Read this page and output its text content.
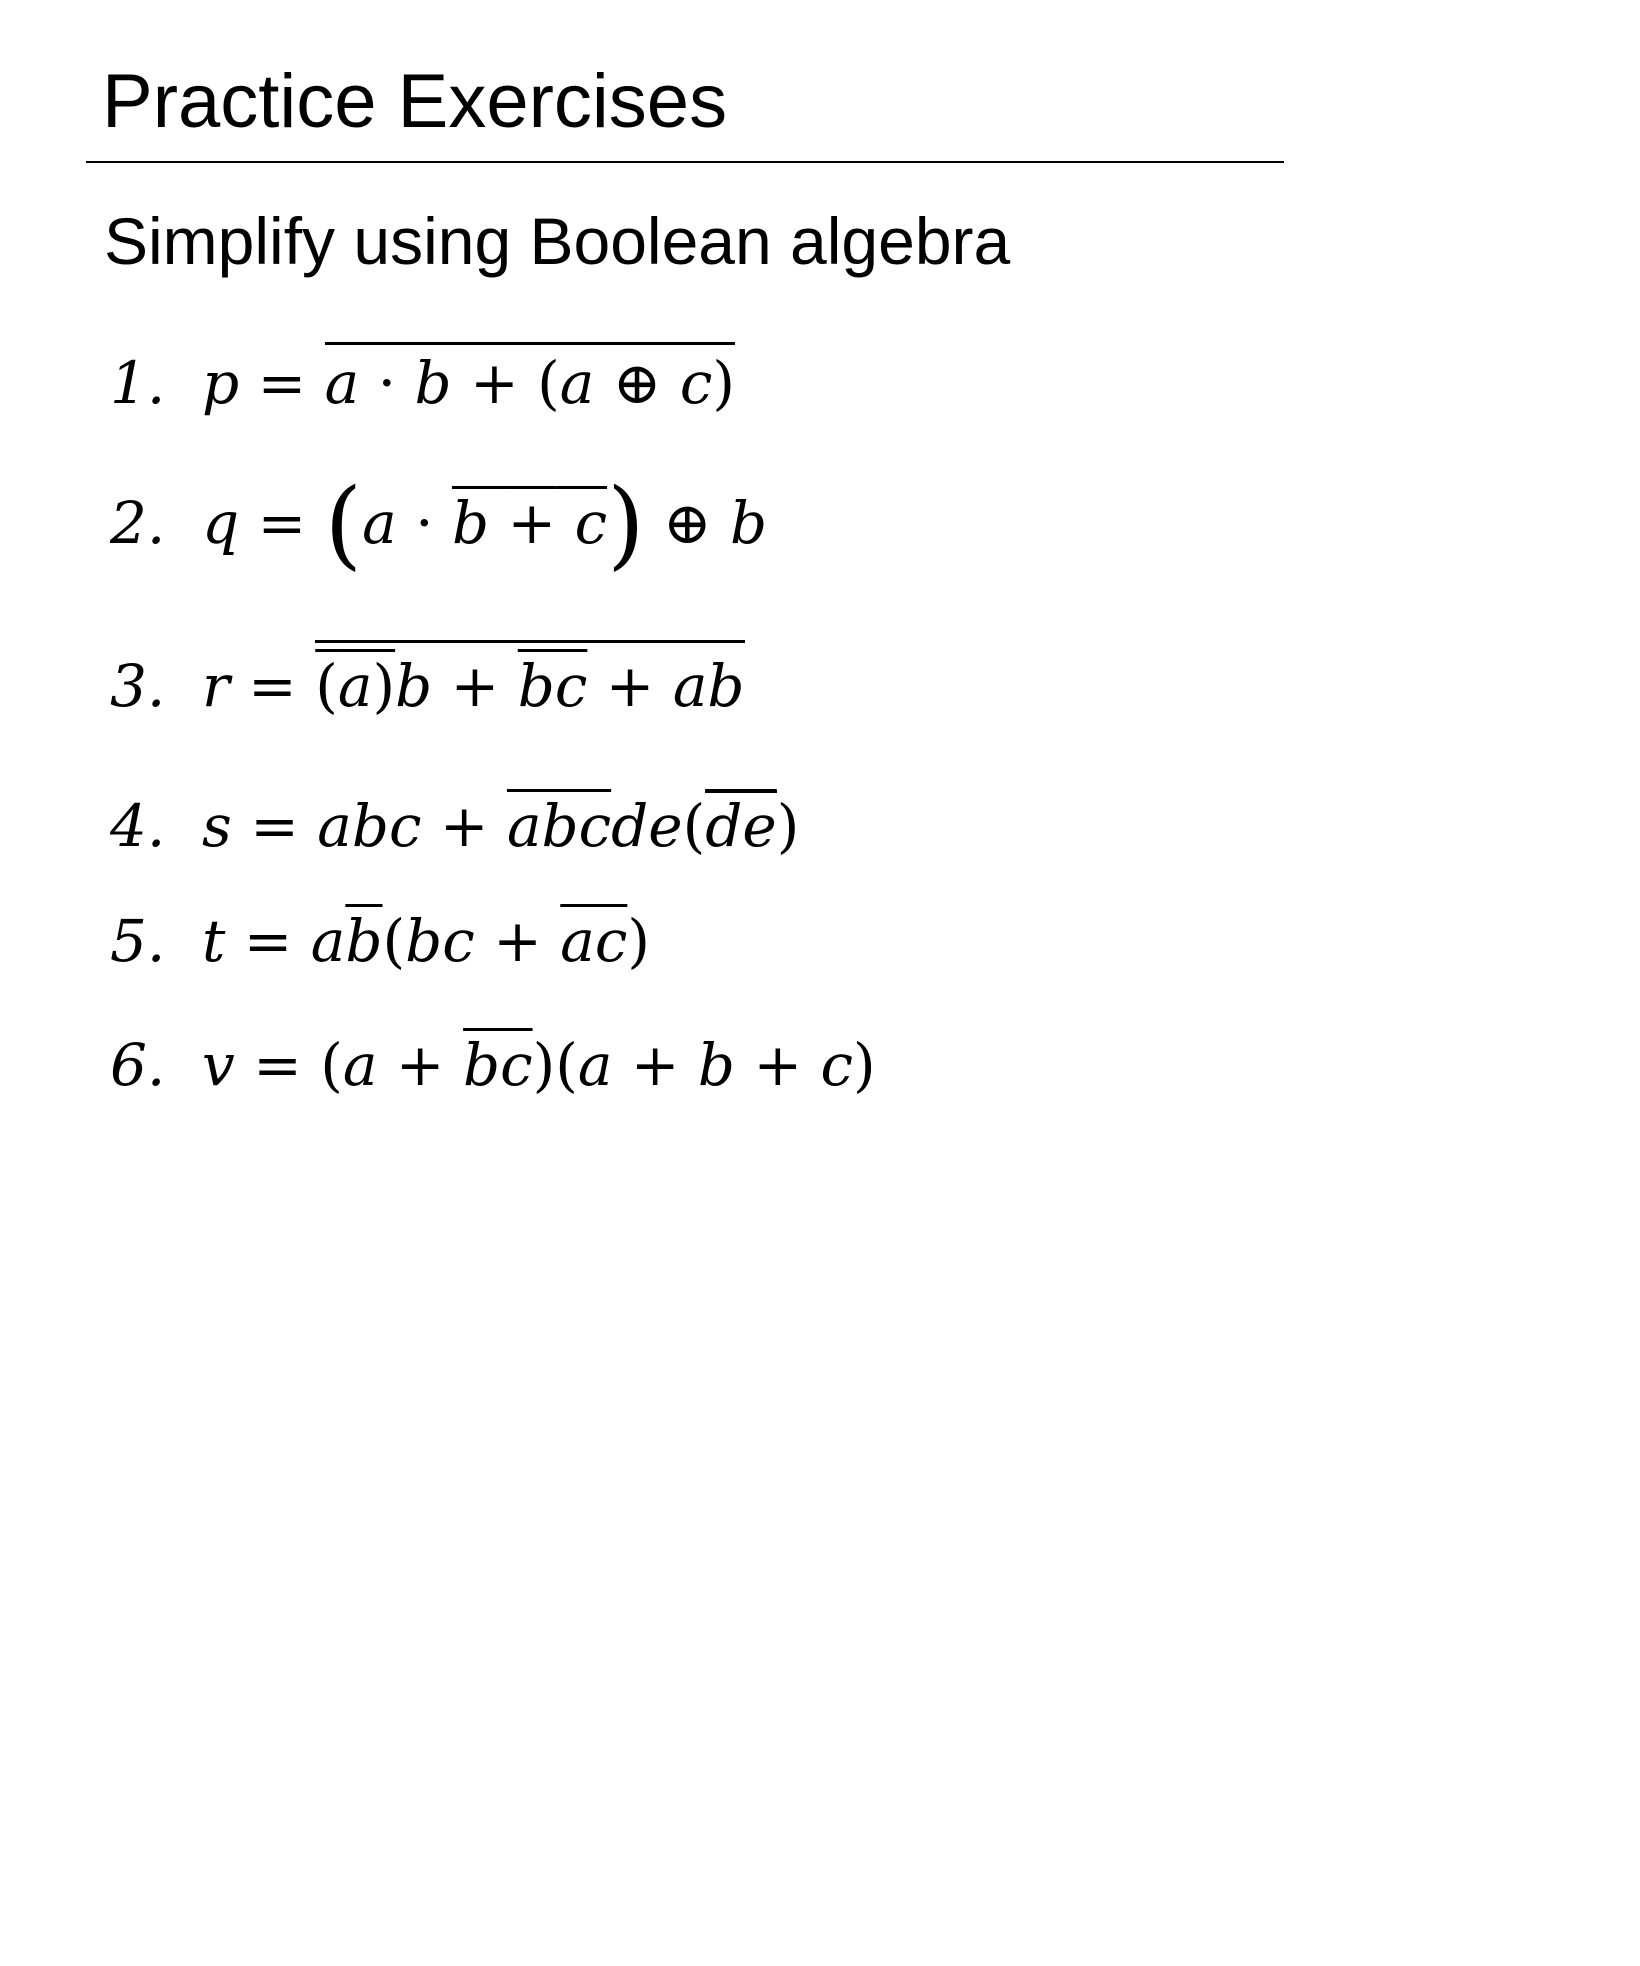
Practice Exercises
Simplify using Boolean algebra
1. p = a · b + (a ⊕ c)
2. q = (a · b + c) ⊕ b
3. $r = (a)b + \overline{bc}$ + ab
4. s = abc + $\overline{abc}de(\overline{d}\overline{e})$
5. $t = a\overline{b}(bc + \overline{ac})$
6. $v = (a + \overline{bc})(a + b + c)$
